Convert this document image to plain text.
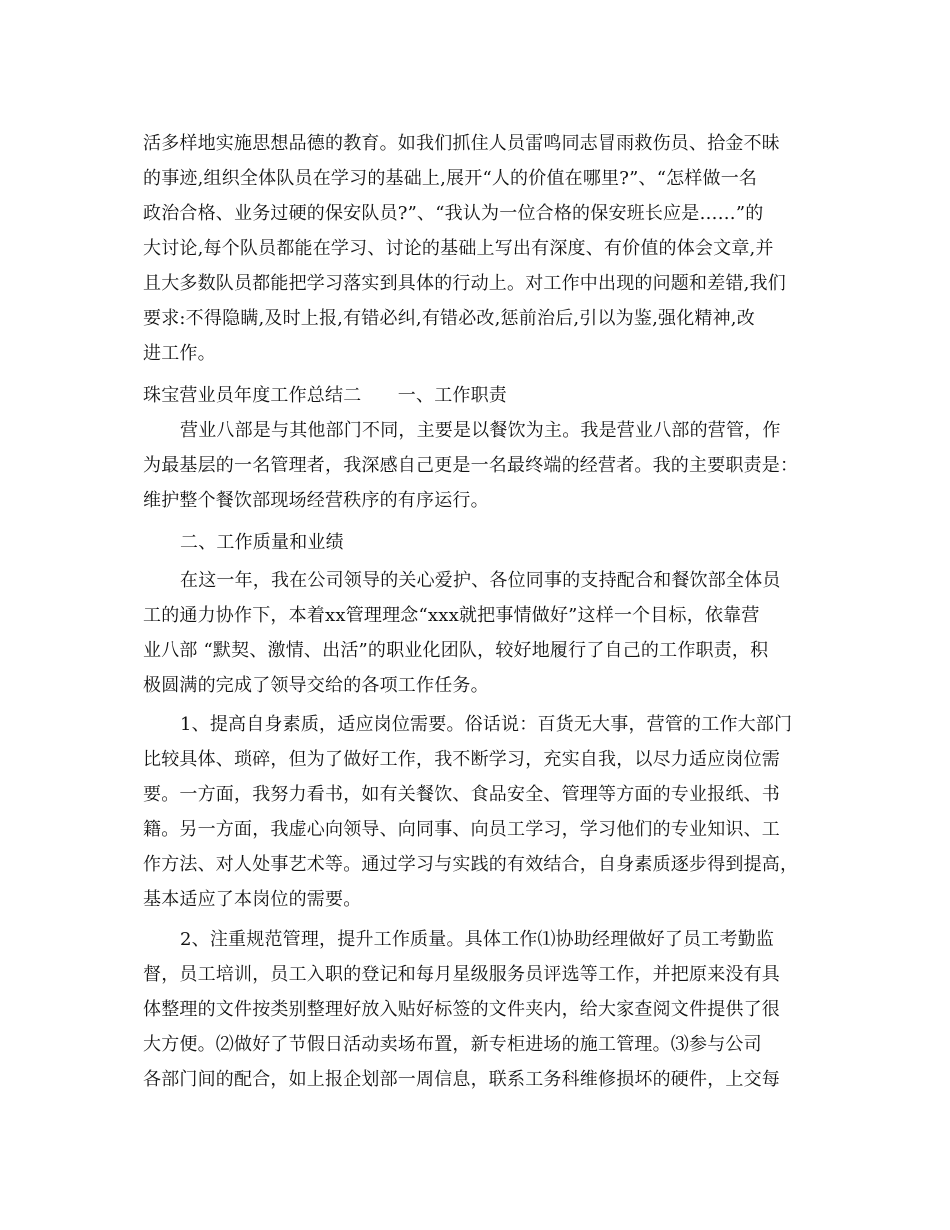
活多样地实施思想品德的教育。如我们抓住人员雷鸣同志冒雨救伤员、拾金不昧
的事迹,组织全体队员在学习的基础上,展开“人的价值在哪里?”、“怎样做一名
政治合格、业务过硬的保安队员?”、“我认为一位合格的保安班长应是……”的
大讨论,每个队员都能在学习、讨论的基础上写出有深度、有价值的体会文章,并
且大多数队员都能把学习落实到具体的行动上。对工作中出现的问题和差错,我们
要求:不得隐瞒,及时上报,有错必纠,有错必改,惩前治后,引以为鉴,强化精神,改
进工作。
珠宝营业员年度工作总结二　　一、工作职责
营业八部是与其他部门不同，主要是以餐饮为主。我是营业八部的营管，作
为最基层的一名管理者，我深感自己更是一名最终端的经营者。我的主要职责是：
维护整个餐饮部现场经营秩序的有序运行。
二、工作质量和业绩
在这一年，我在公司领导的关心爱护、各位同事的支持配合和餐饮部全体员
工的通力协作下，本着xx管理理念“xxx就把事情做好”这样一个目标，依靠营
业八部 “默契、激情、出活”的职业化团队，较好地履行了自己的工作职责，积
极圆满的完成了领导交给的各项工作任务。
1、提高自身素质，适应岗位需要。俗话说：百货无大事，营管的工作大部门
比较具体、琐碎，但为了做好工作，我不断学习，充实自我，以尽力适应岗位需
要。一方面，我努力看书，如有关餐饮、食品安全、管理等方面的专业报纸、书
籍。另一方面，我虚心向领导、向同事、向员工学习，学习他们的专业知识、工
作方法、对人处事艺术等。通过学习与实践的有效结合，自身素质逐步得到提高，
基本适应了本岗位的需要。
2、注重规范管理，提升工作质量。具体工作⑴协助经理做好了员工考勤监
督，员工培训，员工入职的登记和每月星级服务员评选等工作，并把原来没有具
体整理的文件按类别整理好放入贴好标签的文件夹内，给大家查阅文件提供了很
大方便。⑵做好了节假日活动卖场布置，新专柜进场的施工管理。⑶参与公司
各部门间的配合，如上报企划部一周信息，联系工务科维修损坏的硬件，上交每
